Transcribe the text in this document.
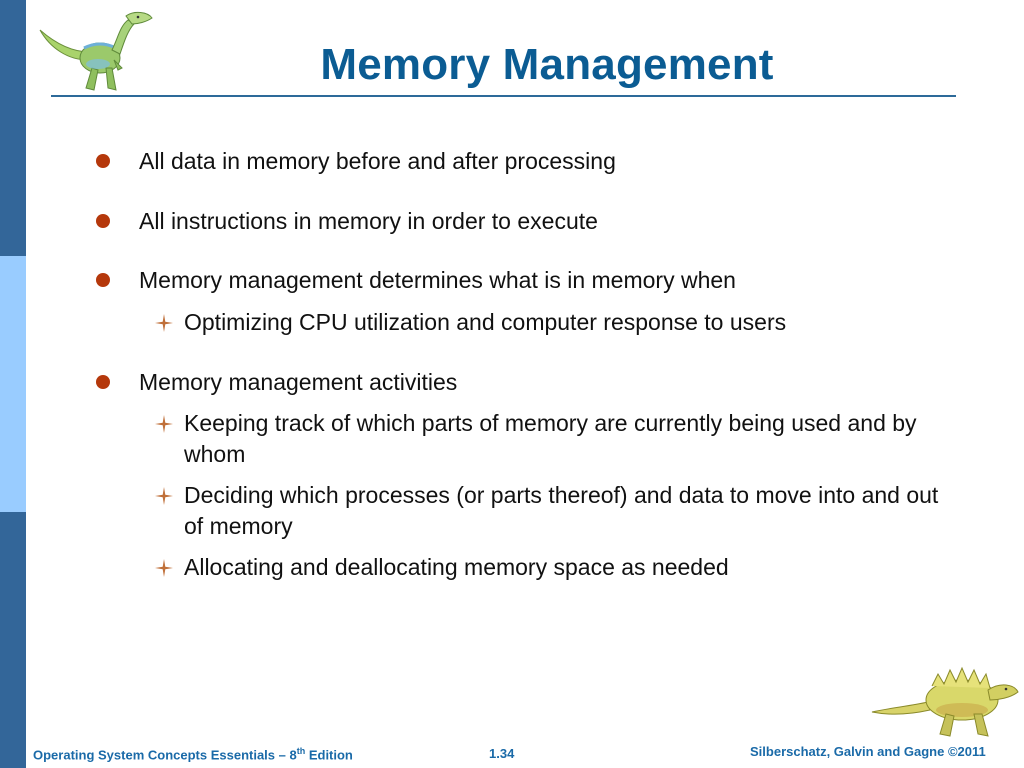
Memory Management
All data in memory before and after processing
All instructions in memory in order to execute
Memory management determines what is in memory when
Optimizing CPU utilization and computer response to users
Memory management activities
Keeping track of which parts of memory are currently being used and by whom
Deciding which processes (or parts thereof) and data to move into and out of memory
Allocating and deallocating memory space as needed
Operating System Concepts Essentials – 8th Edition	1.34	Silberschatz, Galvin and Gagne ©2011
